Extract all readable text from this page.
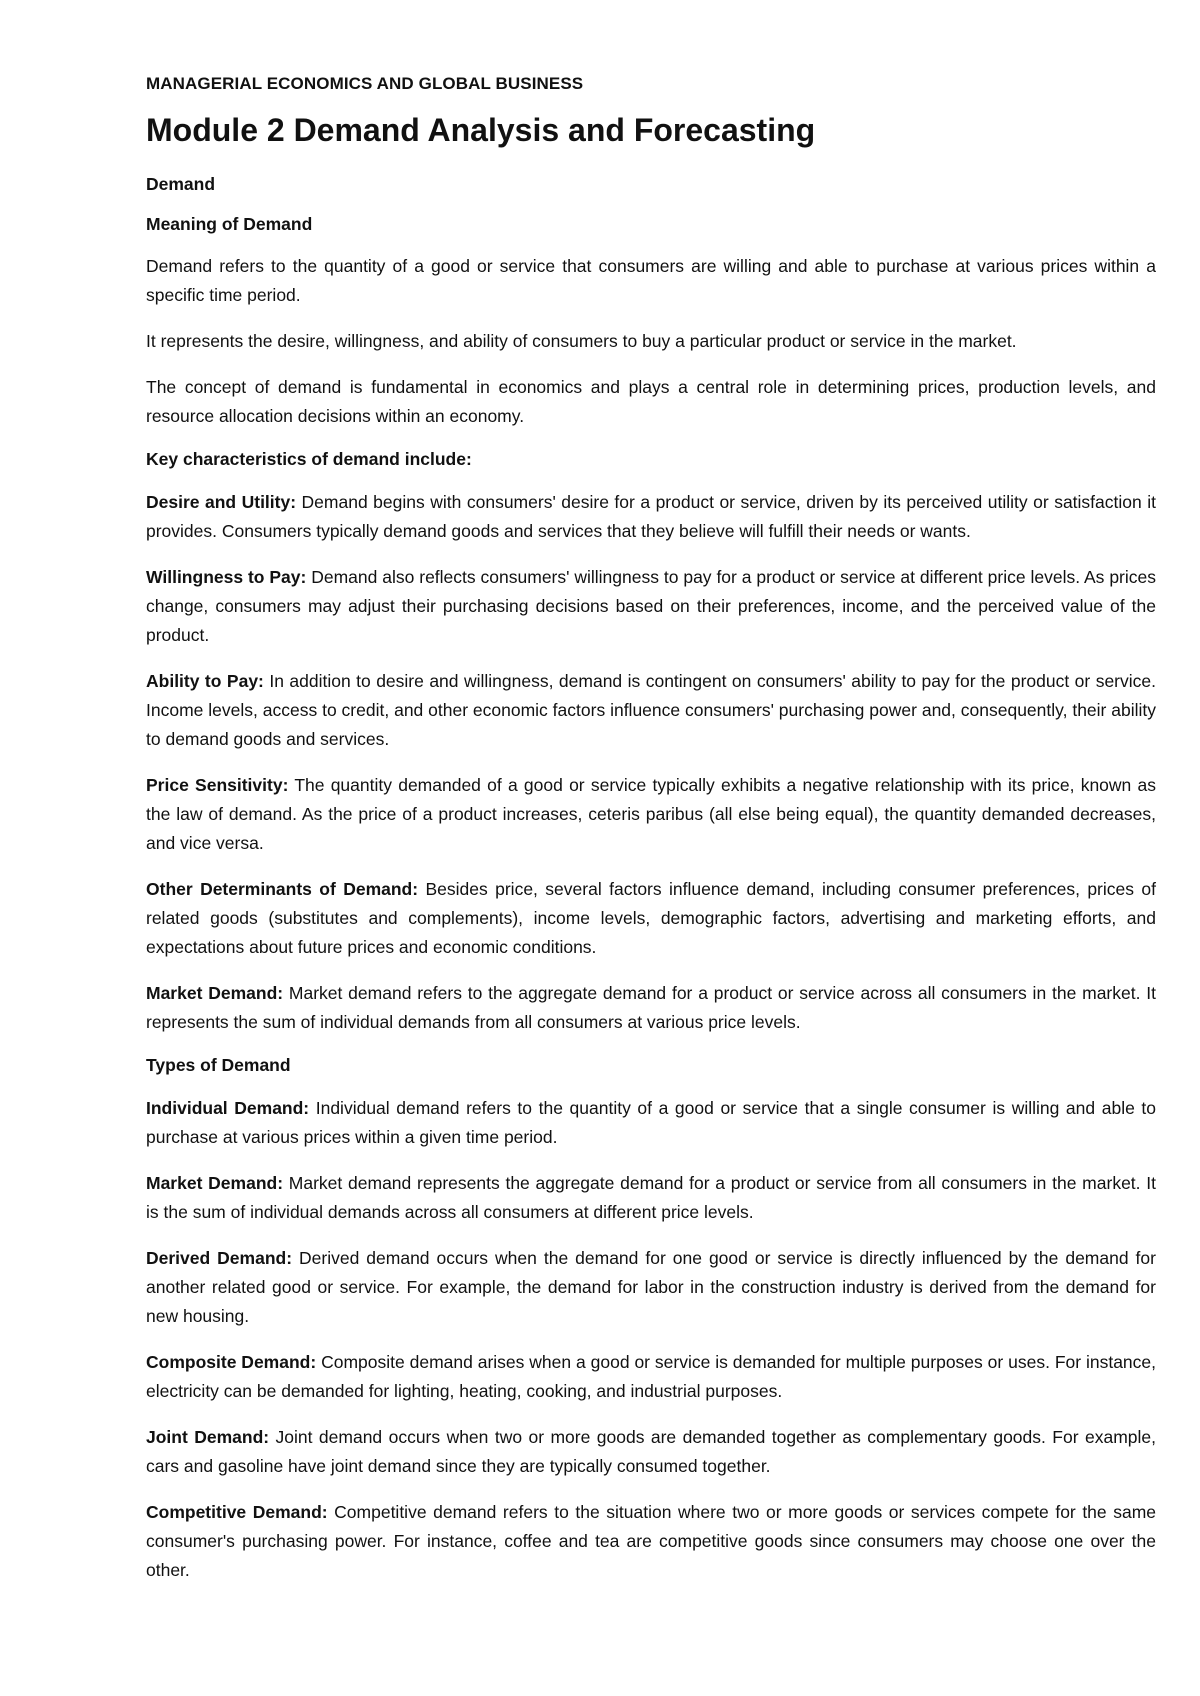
MANAGERIAL ECONOMICS AND GLOBAL BUSINESS
Module 2 Demand Analysis and Forecasting
Demand
Meaning of Demand

Demand refers to the quantity of a good or service that consumers are willing and able to purchase at various prices within a specific time period.

It represents the desire, willingness, and ability of consumers to buy a particular product or service in the market.

The concept of demand is fundamental in economics and plays a central role in determining prices, production levels, and resource allocation decisions within an economy.

Key characteristics of demand include:

Desire and Utility: Demand begins with consumers' desire for a product or service, driven by its perceived utility or satisfaction it provides. Consumers typically demand goods and services that they believe will fulfill their needs or wants.

Willingness to Pay: Demand also reflects consumers' willingness to pay for a product or service at different price levels. As prices change, consumers may adjust their purchasing decisions based on their preferences, income, and the perceived value of the product.

Ability to Pay: In addition to desire and willingness, demand is contingent on consumers' ability to pay for the product or service. Income levels, access to credit, and other economic factors influence consumers' purchasing power and, consequently, their ability to demand goods and services.

Price Sensitivity: The quantity demanded of a good or service typically exhibits a negative relationship with its price, known as the law of demand. As the price of a product increases, ceteris paribus (all else being equal), the quantity demanded decreases, and vice versa.

Other Determinants of Demand: Besides price, several factors influence demand, including consumer preferences, prices of related goods (substitutes and complements), income levels, demographic factors, advertising and marketing efforts, and expectations about future prices and economic conditions.

Market Demand: Market demand refers to the aggregate demand for a product or service across all consumers in the market. It represents the sum of individual demands from all consumers at various price levels.

Types of Demand

Individual Demand: Individual demand refers to the quantity of a good or service that a single consumer is willing and able to purchase at various prices within a given time period.

Market Demand: Market demand represents the aggregate demand for a product or service from all consumers in the market. It is the sum of individual demands across all consumers at different price levels.

Derived Demand: Derived demand occurs when the demand for one good or service is directly influenced by the demand for another related good or service. For example, the demand for labor in the construction industry is derived from the demand for new housing.

Composite Demand: Composite demand arises when a good or service is demanded for multiple purposes or uses. For instance, electricity can be demanded for lighting, heating, cooking, and industrial purposes.

Joint Demand: Joint demand occurs when two or more goods are demanded together as complementary goods. For example, cars and gasoline have joint demand since they are typically consumed together.

Competitive Demand: Competitive demand refers to the situation where two or more goods or services compete for the same consumer's purchasing power. For instance, coffee and tea are competitive goods since consumers may choose one over the other.
